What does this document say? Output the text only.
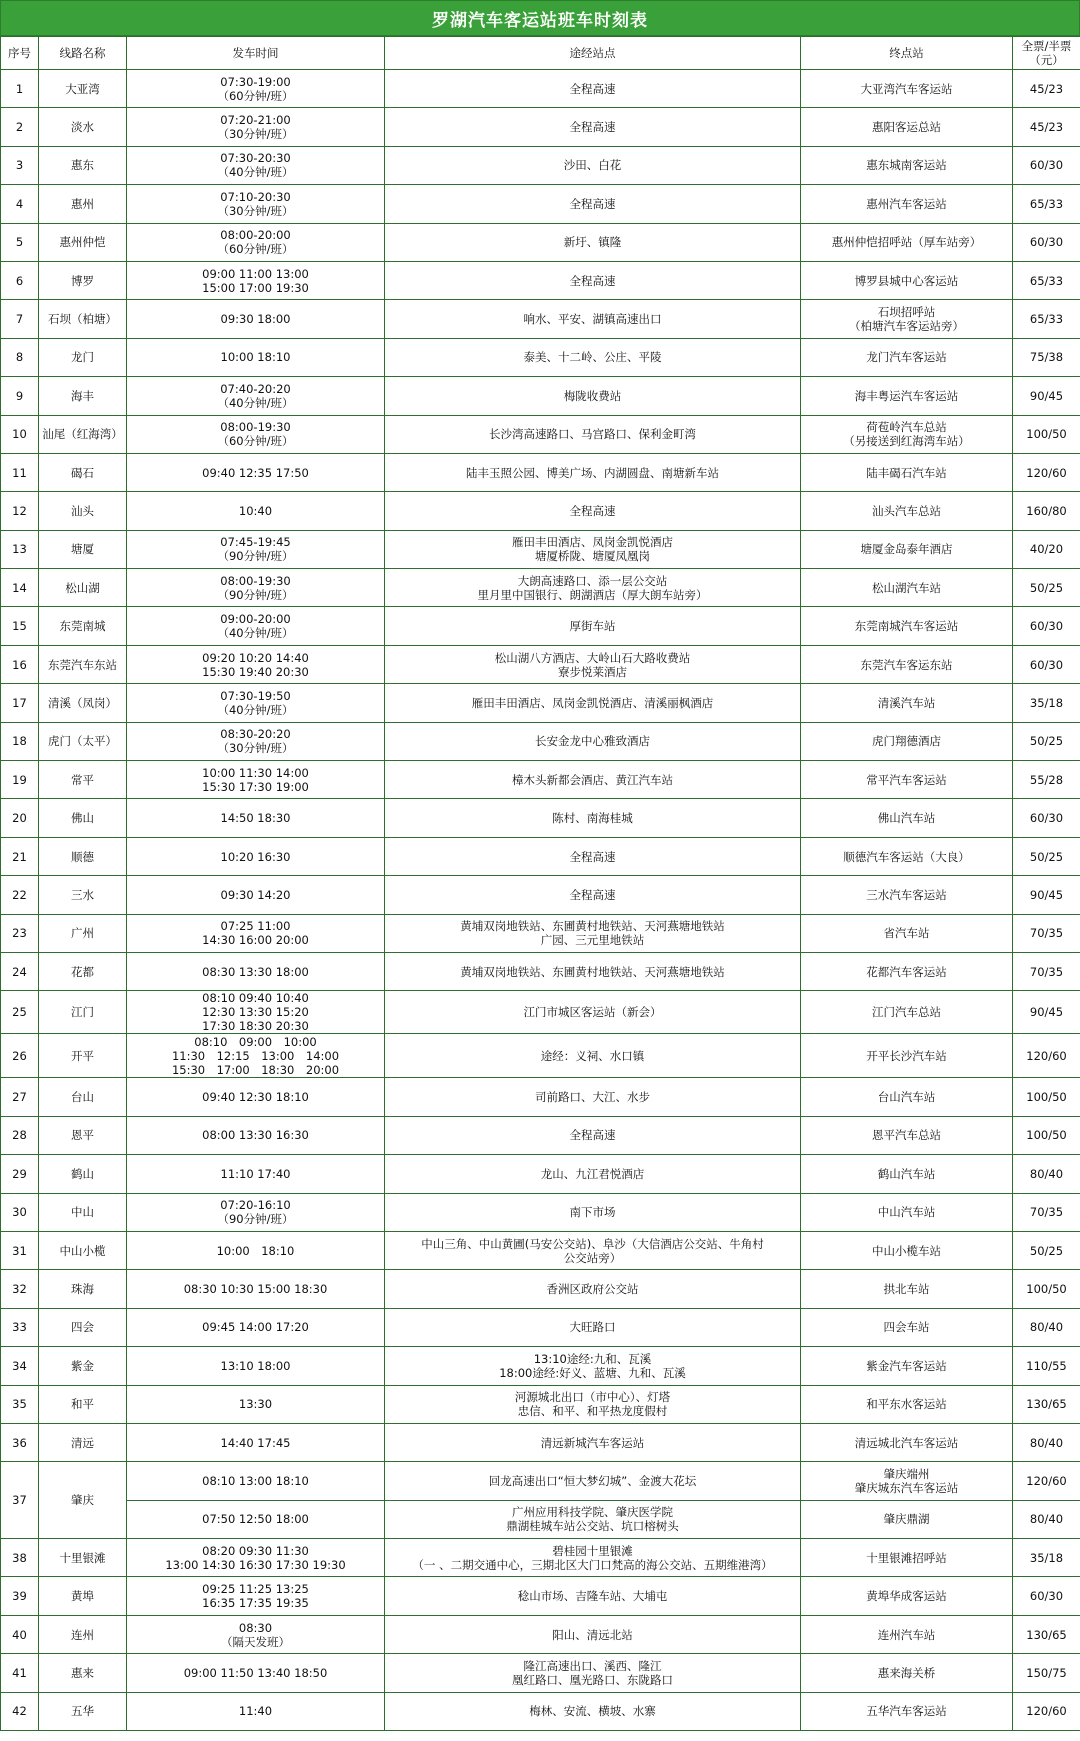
罗湖汽车客运站班车时刻表
序号	线路名称	发车时间	途经站点	终点站	全票/半票
（元）
1	大亚湾	07:30-19:00
（60分钟/班）	全程高速	大亚湾汽车客运站	45/23
2	淡水	07:20-21:00
（30分钟/班）	全程高速	惠阳客运总站	45/23
3	惠东	07:30-20:30
（40分钟/班）	沙田、白花	惠东城南客运站	60/30
4	惠州	07:10-20:30
（30分钟/班）	全程高速	惠州汽车客运站	65/33
5	惠州仲恺	08:00-20:00
（60分钟/班）	新圩、镇隆	惠州仲恺招呼站（厚车站旁）	60/30
6	博罗	09:00 11:00 13:00
15:00 17:00 19:30	全程高速	博罗县城中心客运站	65/33
7	石坝（柏塘）	09:30 18:00	响水、平安、湖镇高速出口	石坝招呼站
（柏塘汽车客运站旁）	65/33
8	龙门	10:00 18:10	泰美、十二岭、公庄、平陵	龙门汽车客运站	75/38
9	海丰	07:40-20:20
（40分钟/班）	梅陇收费站	海丰粤运汽车客运站	90/45
10	汕尾（红海湾）	08:00-19:30
（60分钟/班）	长沙湾高速路口、马宫路口、保利金町湾	荷苞岭汽车总站
（另接送到红海湾车站）	100/50
11	碣石	09:40 12:35 17:50	陆丰玉照公园、博美广场、内湖圆盘、南塘新车站	陆丰碣石汽车站	120/60
12	汕头	10:40	全程高速	汕头汽车总站	160/80
13	塘厦	07:45-19:45
（90分钟/班）	雁田丰田酒店、凤岗金凯悦酒店
塘厦桥陇、塘厦凤凰岗	塘厦金岛泰年酒店	40/20
14	松山湖	08:00-19:30
（90分钟/班）	大朗高速路口、添一层公交站
里月里中国银行、朗湖酒店（厚大朗车站旁）	松山湖汽车站	50/25
15	东莞南城	09:00-20:00
（40分钟/班）	厚街车站	东莞南城汽车客运站	60/30
16	东莞汽车东站	09:20 10:20 14:40
15:30 19:40 20:30	松山湖八方酒店、大岭山石大路收费站
寮步悦莱酒店	东莞汽车客运东站	60/30
17	清溪（凤岗）	07:30-19:50
（40分钟/班）	雁田丰田酒店、凤岗金凯悦酒店、清溪丽枫酒店	清溪汽车站	35/18
18	虎门（太平）	08:30-20:20
（30分钟/班）	长安金龙中心雅致酒店	虎门翔德酒店	50/25
19	常平	10:00 11:30 14:00
15:30 17:30 19:00	樟木头新都会酒店、黄江汽车站	常平汽车客运站	55/28
20	佛山	14:50 18:30	陈村、南海桂城	佛山汽车站	60/30
21	顺德	10:20 16:30	全程高速	顺德汽车客运站（大良）	50/25
22	三水	09:30 14:20	全程高速	三水汽车客运站	90/45
23	广州	07:25 11:00
14:30 16:00 20:00	黄埔双岗地铁站、东圃黄村地铁站、天河燕塘地铁站
广园、三元里地铁站	省汽车站	70/35
24	花都	08:30 13:30 18:00	黄埔双岗地铁站、东圃黄村地铁站、天河燕塘地铁站	花都汽车客运站	70/35
25	江门	08:10 09:40 10:40
12:30 13:30 15:20
17:30 18:30 20:30	江门市城区客运站（新会）	江门汽车总站	90/45
26	开平	08:10　09:00　10:00
11:30　12:15　13:00　14:00
15:30　17:00　18:30　20:00	途经：义祠、水口镇	开平长沙汽车站	120/60
27	台山	09:40 12:30 18:10	司前路口、大江、水步	台山汽车站	100/50
28	恩平	08:00 13:30 16:30	全程高速	恩平汽车总站	100/50
29	鹤山	11:10 17:40	龙山、九江君悦酒店	鹤山汽车站	80/40
30	中山	07:20-16:10
（90分钟/班）	南下市场	中山汽车站	70/35
31	中山小榄	10:00　18:10	中山三角、中山黄圃(马安公交站)、阜沙（大信酒店公交站、牛角村
公交站旁）	中山小榄车站	50/25
32	珠海	08:30 10:30 15:00 18:30	香洲区政府公交站	拱北车站	100/50
33	四会	09:45 14:00 17:20	大旺路口	四会车站	80/40
34	紫金	13:10 18:00	13:10途经:九和、瓦溪
18:00途经:好义、蓝塘、九和、瓦溪	紫金汽车客运站	110/55
35	和平	13:30	河源城北出口（市中心）、灯塔
忠信、和平、和平热龙度假村	和平东水客运站	130/65
36	清远	14:40 17:45	清远新城汽车客运站	清远城北汽车客运站	80/40
37	肇庆	08:10 13:00 18:10	回龙高速出口“恒大梦幻城”、金渡大花坛	肇庆端州
肇庆城东汽车客运站	120/60
		07:50 12:50 18:00	广州应用科技学院、肇庆医学院
鼎湖桂城车站公交站、坑口榕树头	肇庆鼎湖	80/40
38	十里银滩	08:20 09:30 11:30
13:00 14:30 16:30 17:30 19:30	碧桂园十里银滩
（一 、二期交通中心，三期北区大门口梵高的海公交站、五期维港湾）	十里银滩招呼站	35/18
39	黄埠	09:25 11:25 13:25
16:35 17:35 19:35	稔山市场、吉隆车站、大埔屯	黄埠华成客运站	60/30
40	连州	08:30
（隔天发班）	阳山、清远北站	连州汽车站	130/65
41	惠来	09:00 11:50 13:40 18:50	隆江高速出口、溪西、隆江
凰红路口、凰光路口、东陇路口	惠来海关桥	150/75
42	五华	11:40	梅林、安流、横坡、水寨	五华汽车客运站	120/60
